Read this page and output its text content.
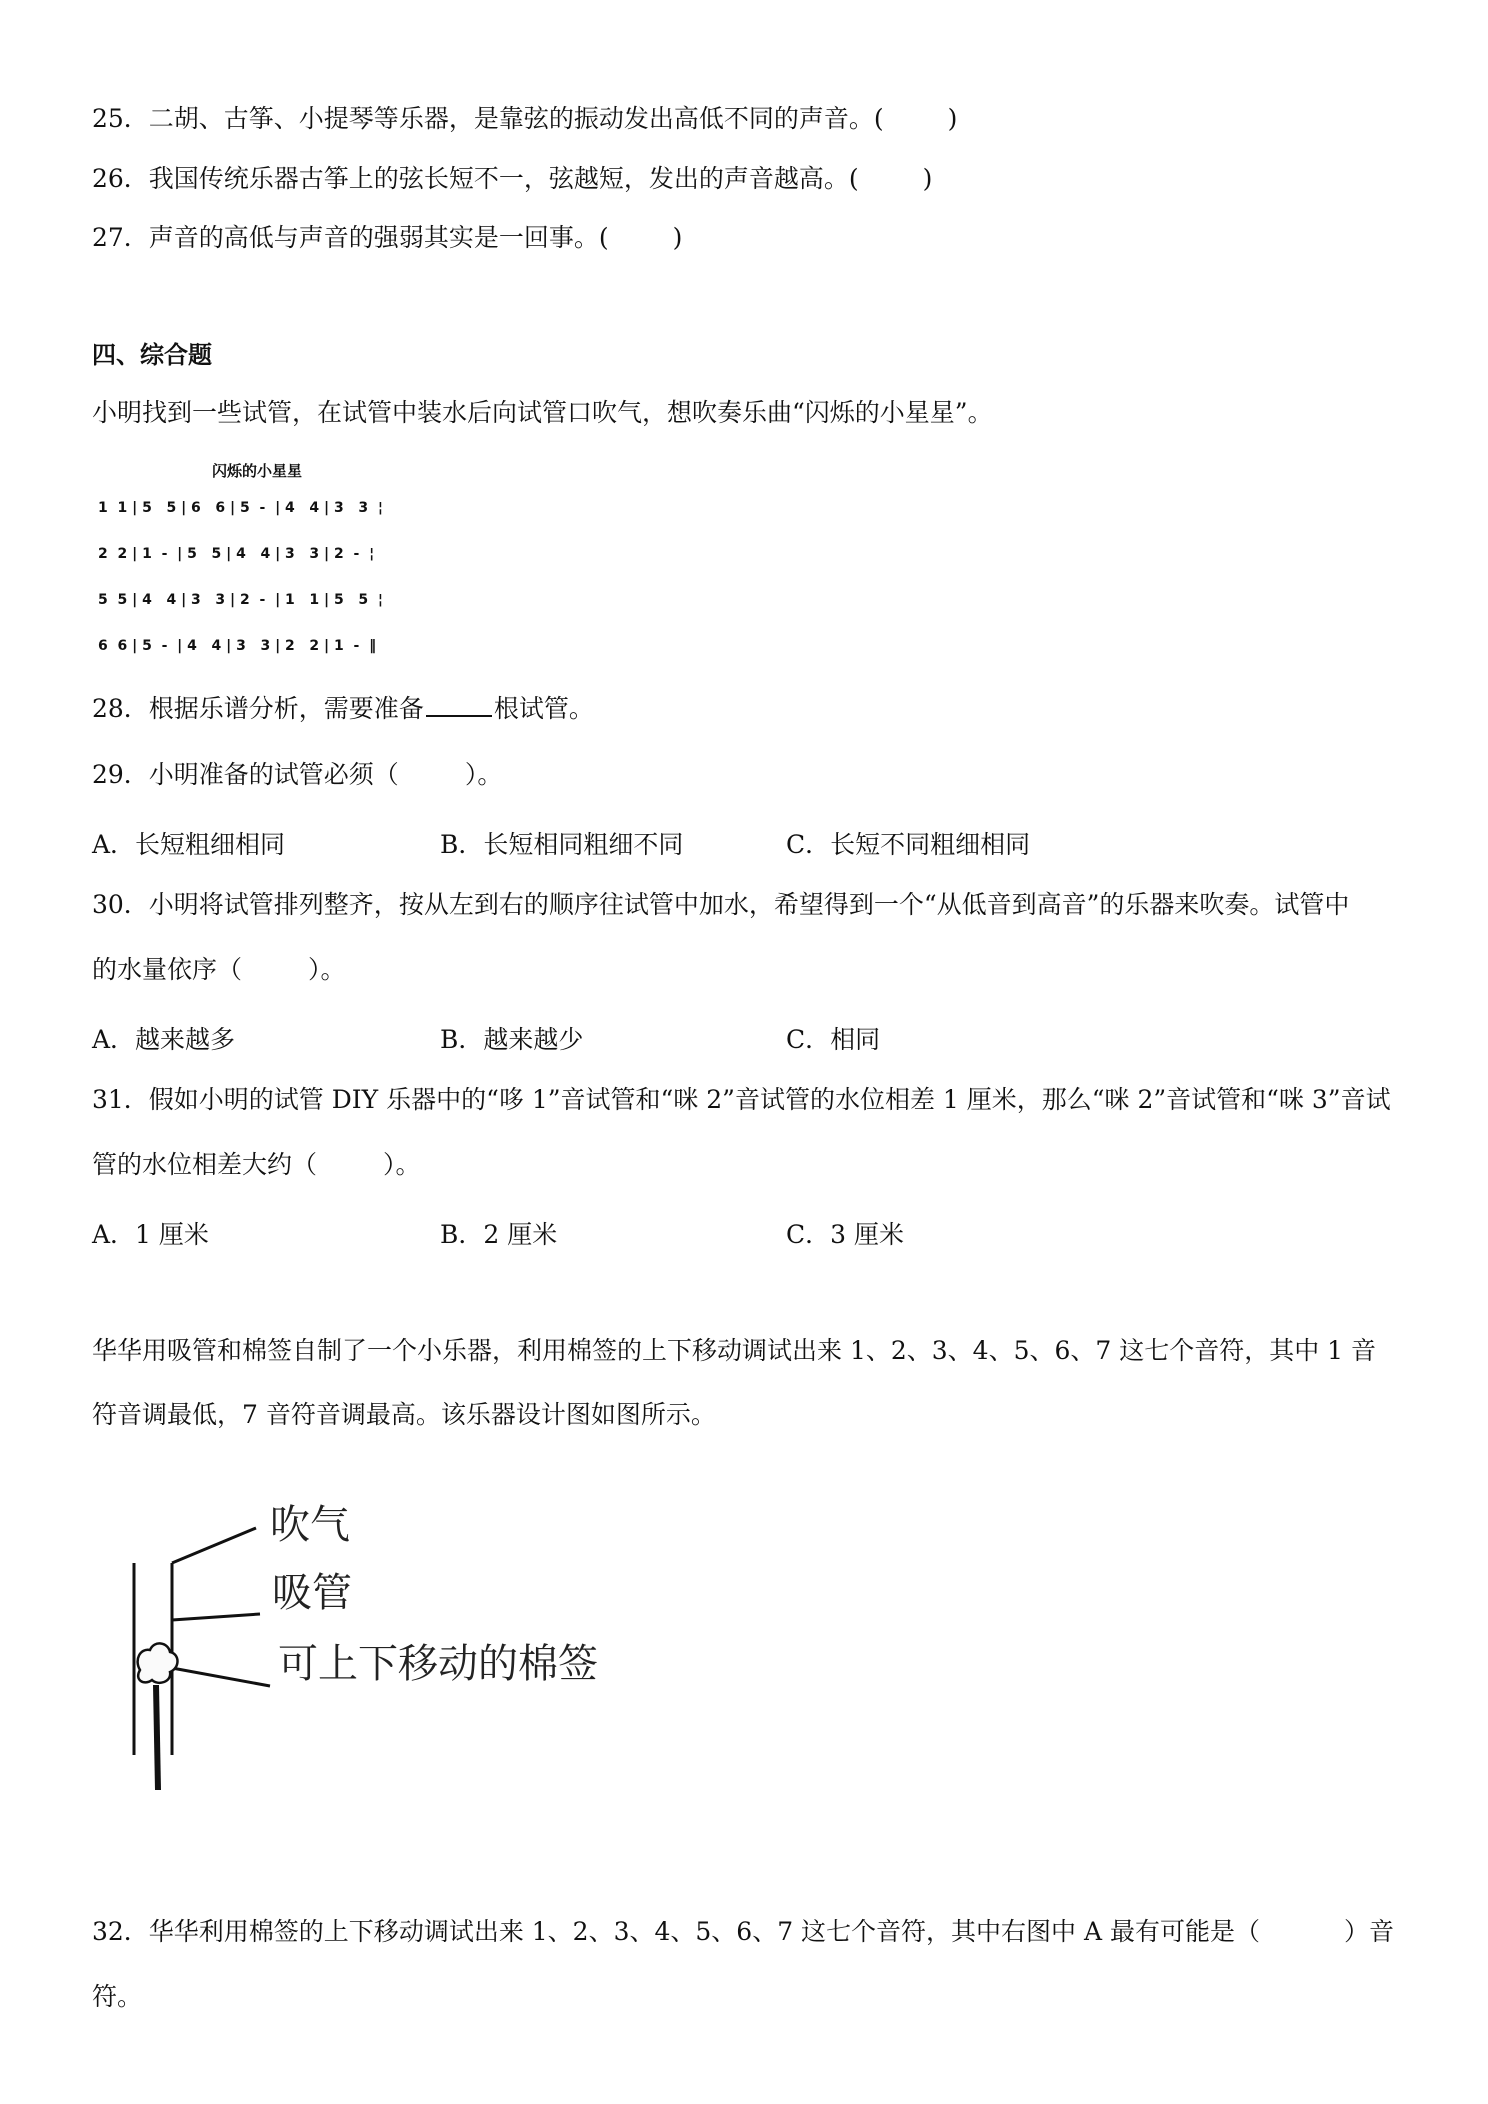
25．二胡、古筝、小提琴等乐器，是靠弦的振动发出高低不同的声音。(	)
26．我国传统乐器古筝上的弦长短不一，弦越短，发出的声音越高。(	)
27．声音的高低与声音的强弱其实是一回事。(	)
四、综合题
小明找到一些试管，在试管中装水后向试管口吹气，想吹奏乐曲“闪烁的小星星”。
闪烁的小星星
1  1 | 5   5 | 6   6 | 5  -  | 4   4 | 3   3  ¦
2  2 | 1  -  | 5   5 | 4   4 | 3   3 | 2  -  ¦
5  5 | 4   4 | 3   3 | 2  -  | 1   1 | 5   5  ¦
6  6 | 5  -  | 4   4 | 3   3 | 2   2 | 1  -  ‖
28．根据乐谱分析，需要准备	根试管。
29．小明准备的试管必须（	）。
A．长短粗细相同	B．长短相同粗细不同	C．长短不同粗细相同
30．小明将试管排列整齐，按从左到右的顺序往试管中加水，希望得到一个“从低音到高音”的乐器来吹奏。试管中
的水量依序（	）。
A．越来越多	B．越来越少	C．相同
31．假如小明的试管 DIY 乐器中的“哆 1”音试管和“咪 2”音试管的水位相差 1 厘米，那么“咪 2”音试管和“咪 3”音试
管的水位相差大约（	）。
A．1 厘米	B．2 厘米	C．3 厘米
华华用吸管和棉签自制了一个小乐器，利用棉签的上下移动调试出来 1、2、3、4、5、6、7 这七个音符，其中 1 音
符音调最低，7 音符音调最高。该乐器设计图如图所示。
吹气
吸管
可上下移动的棉签
32．华华利用棉签的上下移动调试出来 1、2、3、4、5、6、7 这七个音符，其中右图中 A 最有可能是（	）音
符。
